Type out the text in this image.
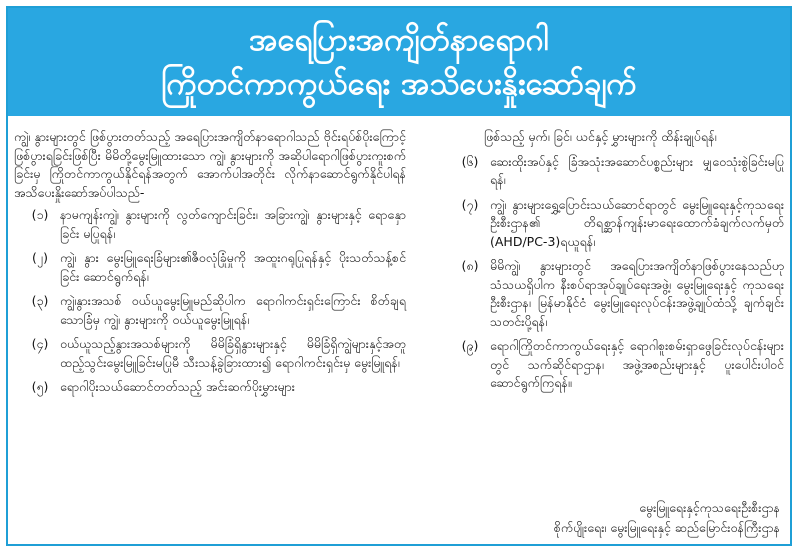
အရေပြားအကျိတ်နာရောဂါ
ကြိုတင်ကာကွယ်ရေး အသိပေးနှိုးဆော်ချက်

ကျွဲ၊ နွားများတွင် ဖြစ်ပွားတတ်သည့် အရေပြားအကျိတ်နာရောဂါသည် ဗိုင်းရပ်စ်ပိုးကြောင့် ဖြစ်ပွားရခြင်းဖြစ်ပြီး မိမိတို့မွေးမြူထားသော ကျွဲ၊ နွားများကို အဆိုပါရောဂါဖြစ်ပွားကူးစက်ခြင်းမှ ကြိုတင်ကာကွယ်နိုင်ရန်အတွက် အောက်ပါအတိုင်း လိုက်နာဆောင်ရွက်နိုင်ပါရန် အသိပေးနှိုးဆော်အပ်ပါသည်-

(၁) နာမကျန်းကျွဲ၊ နွားများကို လွတ်ကျောင်းခြင်း၊ အခြားကျွဲ၊ နွားများနှင့် ရောနှောခြင်း မပြုရန်၊
(၂) ကျွဲ၊ နွား မွေးမြူရေးခြံများ၏ဇီဝလုံခြုံမှုကို အထူးဂရုပြုရန်နှင့် ပိုးသတ်သန့်စင်ခြင်း ဆောင်ရွက်ရန်၊
(၃) ကျွဲ၊နွားအသစ် ဝယ်ယူမွေးမြူမည်ဆိုပါက ရောဂါကင်းရှင်းကြောင်း စိတ်ချရသောခြံမှ ကျွဲ၊ နွားများကို ဝယ်ယူမွေးမြူရန်၊
(၄) ဝယ်ယူသည့်နွားအသစ်များကို မိမိခြံရှိနွားများနှင့် မိမိခြံရှိကျွဲများနှင့်အတူ ထည့်သွင်းမွေးမြူခြင်းမပြုမီ သီးသန့်ခွဲခြားထား၍ ရောဂါကင်းရှင်းမှ မွေးမြူရန်၊
(၅) ရောဂါပိုးသယ်ဆောင်တတ်သည့် အင်းဆက်ပိုးမွှားများ
ဖြစ်သည့် မှက်၊ ခြင်၊ ယင်နှင့် မွှားများကို ထိန်းချုပ်ရန်၊
(၆) ဆေးထိုးအပ်နှင့် ခြံအသုံးအဆောင်ပစ္စည်းများ မျှဝေသုံးစွဲခြင်းမပြုရန်၊
(၇) ကျွဲ၊ နွားများရွှေ့ပြောင်းသယ်ဆောင်ရာတွင် မွေးမြူရေးနှင့်ကုသရေးဦးစီးဌာန၏ တိရစ္ဆာန်ကျန်းမာရေးထောက်ခံချက်လက်မှတ် (AHD/PC-3)ရယူရန်၊
(၈) မိမိကျွဲ၊ နွားများတွင် အရေပြားအကျိတ်နာဖြစ်ပွားနေသည်ဟု သံသယရှိပါက နီးစပ်ရာအုပ်ချုပ်ရေးအဖွဲ့၊ မွေးမြူရေးနှင့် ကုသရေးဦးစီးဌာန၊ မြန်မာနိုင်ငံ မွေးမြူရေးလုပ်ငန်းအဖွဲ့ချုပ်ထံသို့ ချက်ချင်းသတင်းပို့ရန်၊
(၉) ရောဂါကြိုတင်ကာကွယ်ရေးနှင့် ရောဂါစူးစမ်းရှာဖွေခြင်းလုပ်ငန်းများတွင် သက်ဆိုင်ရာဌာန၊ အဖွဲ့အစည်းများနှင့် ပူးပေါင်းပါဝင်ဆောင်ရွက်ကြရန်။
မွေးမြူရေးနှင့်ကုသရေးဦးစီးဌာန
စိုက်ပျိုးရေး၊ မွေးမြူရေးနှင့် ဆည်မြောင်းဝန်ကြီးဌာန
